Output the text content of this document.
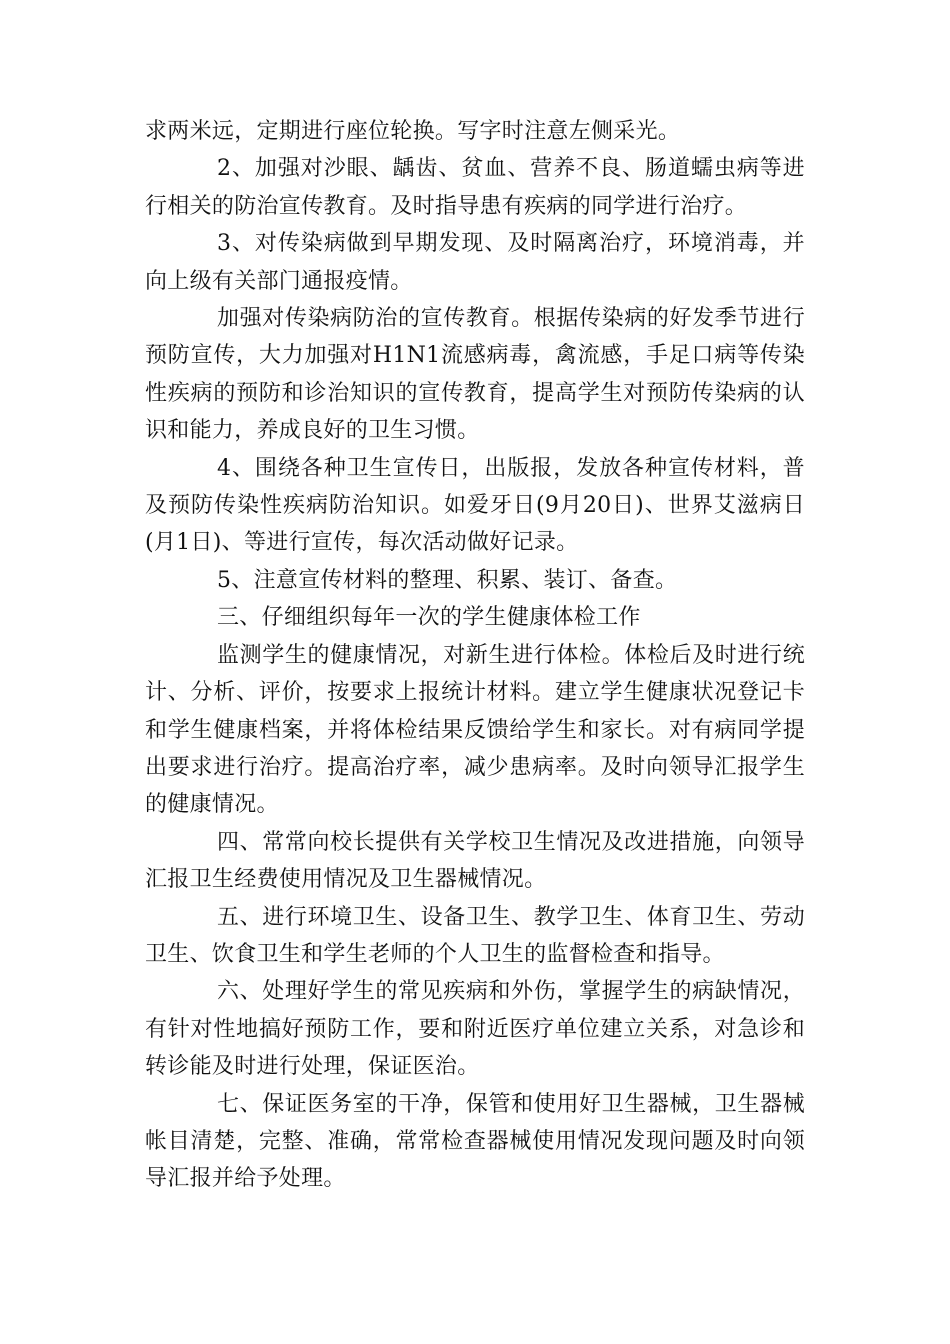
求两米远，定期进行座位轮换。写字时注意左侧采光。

2、加强对沙眼、龋齿、贫血、营养不良、肠道蠕虫病等进行相关的防治宣传教育。及时指导患有疾病的同学进行治疗。

3、对传染病做到早期发现、及时隔离治疗，环境消毒，并向上级有关部门通报疫情。

加强对传染病防治的宣传教育。根据传染病的好发季节进行预防宣传，大力加强对H1N1流感病毒，禽流感，手足口病等传染性疾病的预防和诊治知识的宣传教育，提高学生对预防传染病的认识和能力，养成良好的卫生习惯。

4、围绕各种卫生宣传日，出版报，发放各种宣传材料，普及预防传染性疾病防治知识。如爱牙日(9月20日)、世界艾滋病日(月1日)、等进行宣传，每次活动做好记录。

5、注意宣传材料的整理、积累、装订、备查。

三、仔细组织每年一次的学生健康体检工作

监测学生的健康情况，对新生进行体检。体检后及时进行统计、分析、评价，按要求上报统计材料。建立学生健康状况登记卡和学生健康档案，并将体检结果反馈给学生和家长。对有病同学提出要求进行治疗。提高治疗率，减少患病率。及时向领导汇报学生的健康情况。

四、常常向校长提供有关学校卫生情况及改进措施，向领导汇报卫生经费使用情况及卫生器械情况。

五、进行环境卫生、设备卫生、教学卫生、体育卫生、劳动卫生、饮食卫生和学生老师的个人卫生的监督检查和指导。

六、处理好学生的常见疾病和外伤，掌握学生的病缺情况，有针对性地搞好预防工作，要和附近医疗单位建立关系，对急诊和转诊能及时进行处理，保证医治。

七、保证医务室的干净，保管和使用好卫生器械，卫生器械帐目清楚，完整、准确，常常检查器械使用情况发现问题及时向领导汇报并给予处理。
